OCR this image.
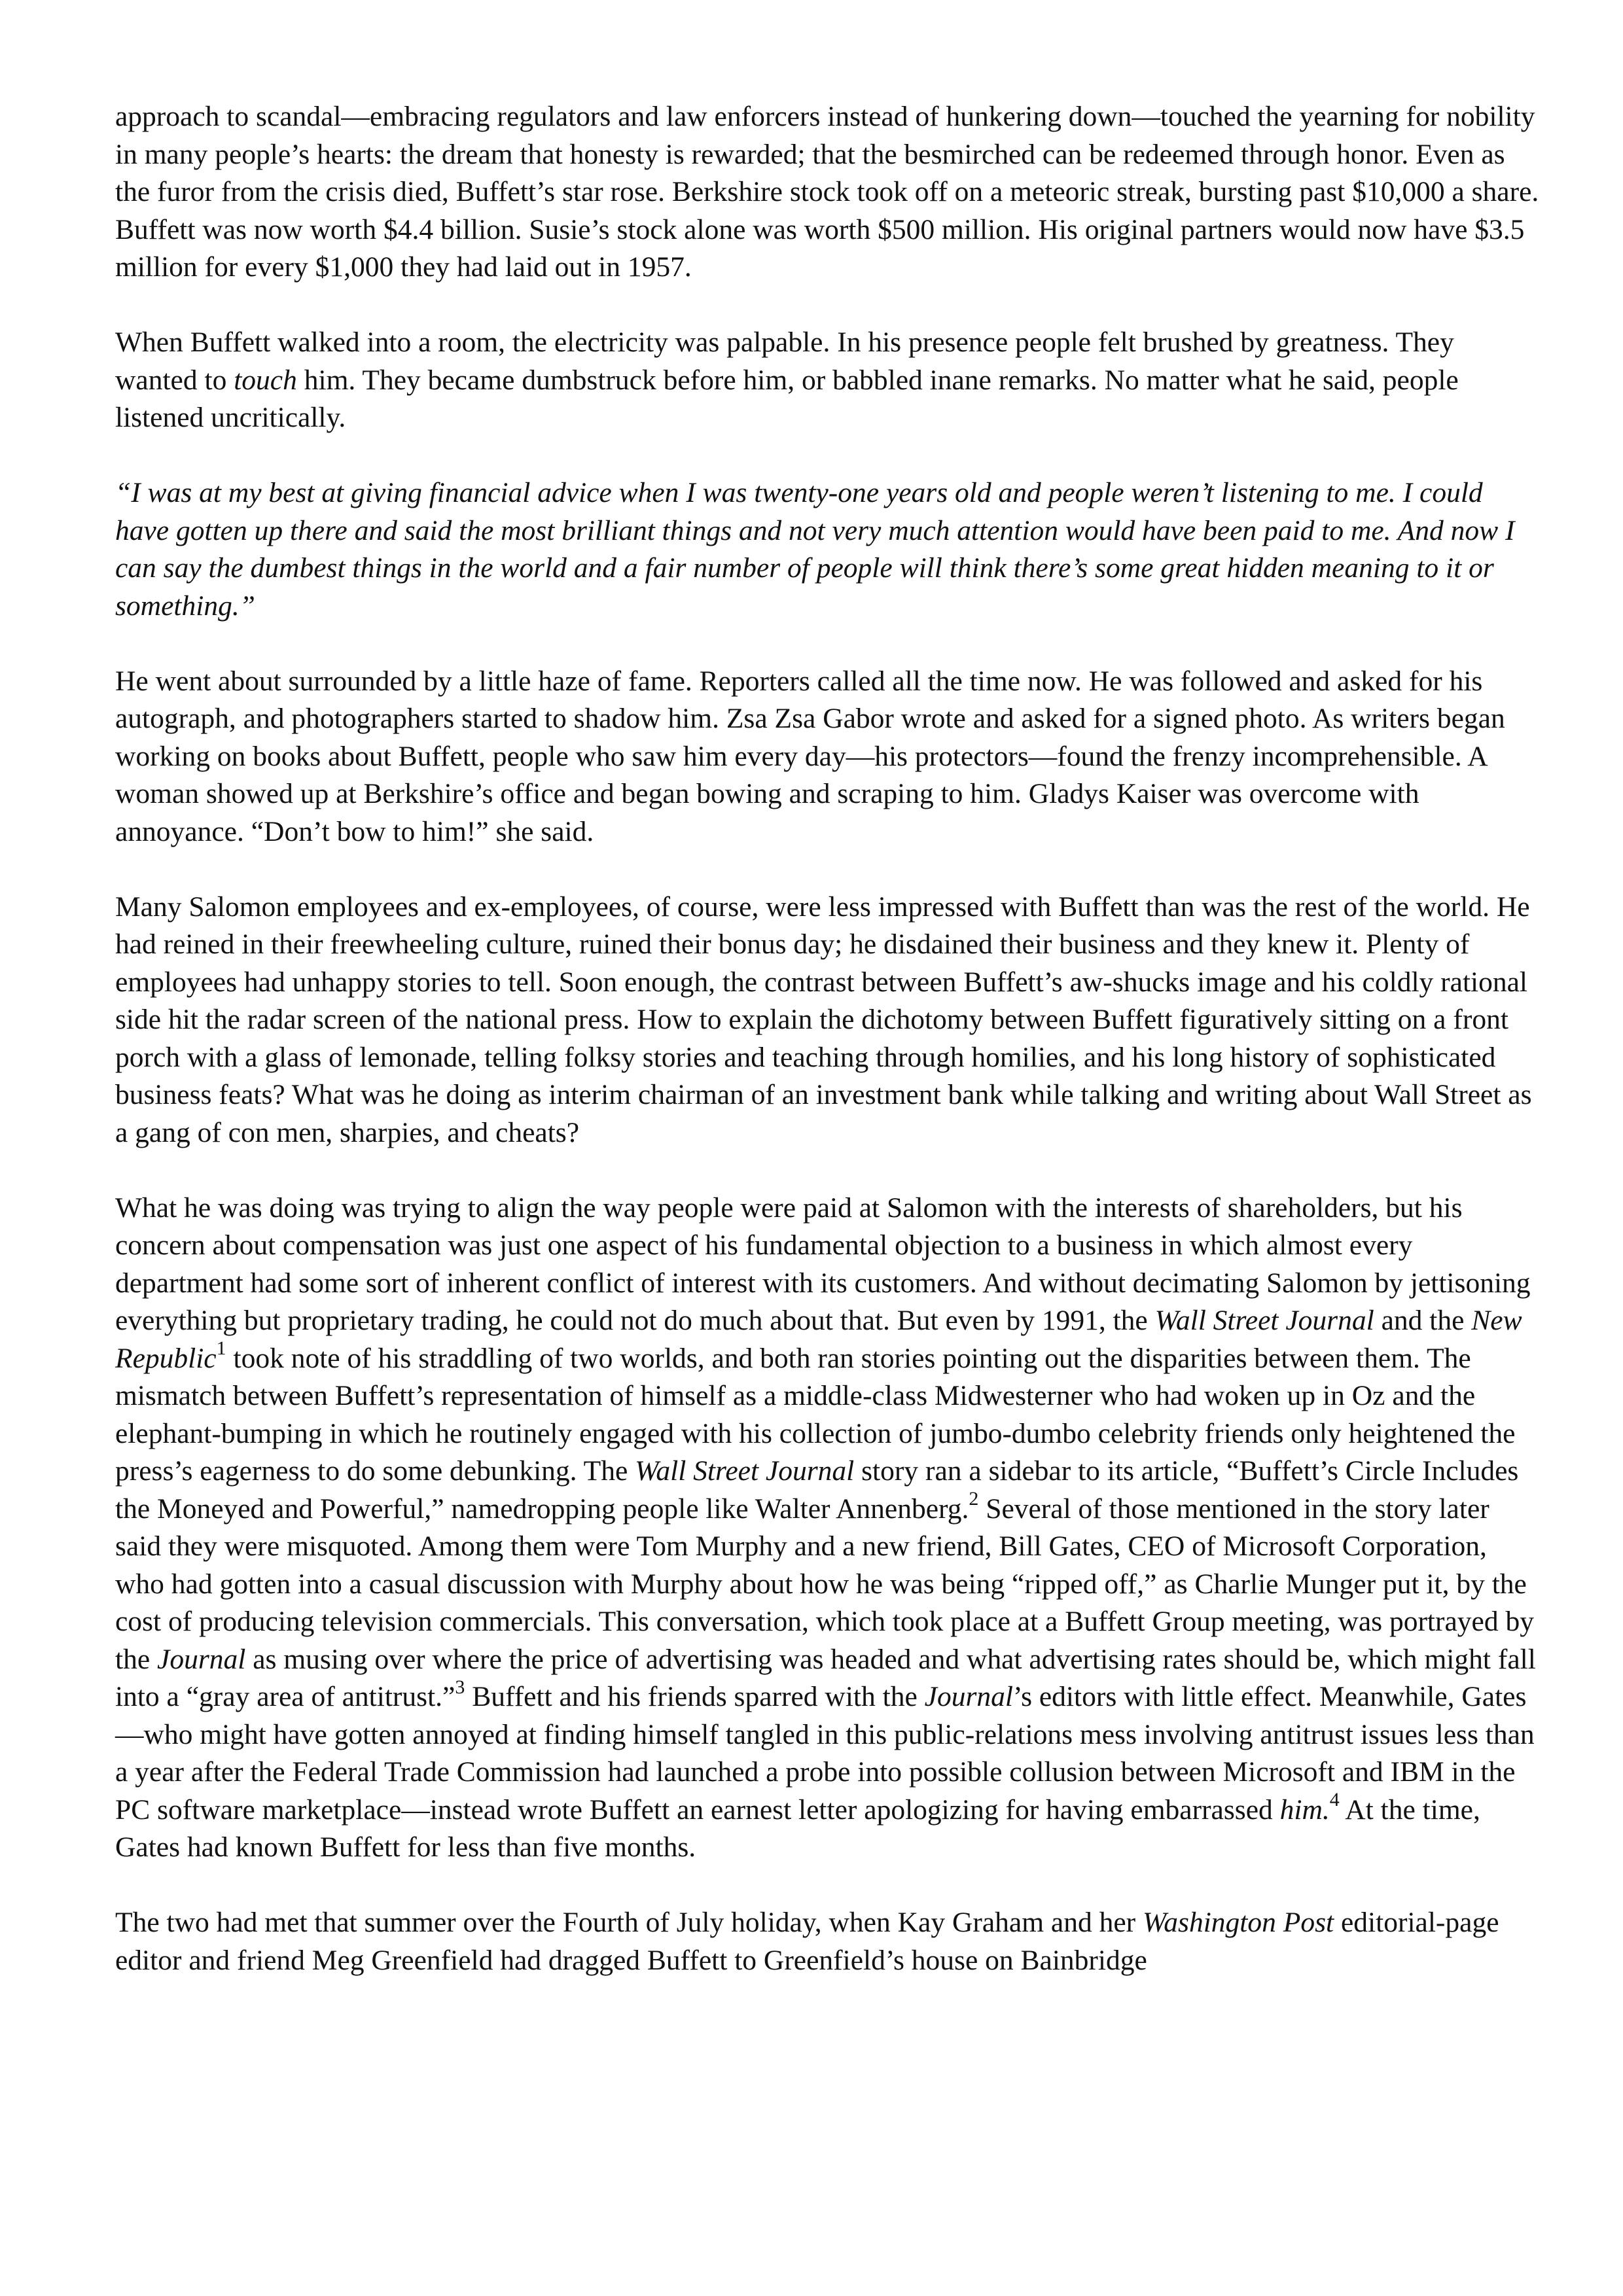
approach to scandal—embracing regulators and law enforcers instead of hunkering down—touched the yearning for nobility in many people’s hearts: the dream that honesty is rewarded; that the besmirched can be redeemed through honor. Even as the furor from the crisis died, Buffett’s star rose. Berkshire stock took off on a meteoric streak, bursting past $10,000 a share. Buffett was now worth $4.4 billion. Susie’s stock alone was worth $500 million. His original partners would now have $3.5 million for every $1,000 they had laid out in 1957.

When Buffett walked into a room, the electricity was palpable. In his presence people felt brushed by greatness. They wanted to touch him. They became dumbstruck before him, or babbled inane remarks. No matter what he said, people listened uncritically.

“I was at my best at giving financial advice when I was twenty-one years old and people weren’t listening to me. I could have gotten up there and said the most brilliant things and not very much attention would have been paid to me. And now I can say the dumbest things in the world and a fair number of people will think there’s some great hidden meaning to it or something.”

He went about surrounded by a little haze of fame. Reporters called all the time now. He was followed and asked for his autograph, and photographers started to shadow him. Zsa Zsa Gabor wrote and asked for a signed photo. As writers began working on books about Buffett, people who saw him every day—his protectors—found the frenzy incomprehensible. A woman showed up at Berkshire’s office and began bowing and scraping to him. Gladys Kaiser was overcome with annoyance. “Don’t bow to him!” she said.

Many Salomon employees and ex-employees, of course, were less impressed with Buffett than was the rest of the world. He had reined in their freewheeling culture, ruined their bonus day; he disdained their business and they knew it. Plenty of employees had unhappy stories to tell. Soon enough, the contrast between Buffett’s aw-shucks image and his coldly rational side hit the radar screen of the national press. How to explain the dichotomy between Buffett figuratively sitting on a front porch with a glass of lemonade, telling folksy stories and teaching through homilies, and his long history of sophisticated business feats? What was he doing as interim chairman of an investment bank while talking and writing about Wall Street as a gang of con men, sharpies, and cheats?

What he was doing was trying to align the way people were paid at Salomon with the interests of shareholders, but his concern about compensation was just one aspect of his fundamental objection to a business in which almost every department had some sort of inherent conflict of interest with its customers. And without decimating Salomon by jettisoning everything but proprietary trading, he could not do much about that. But even by 1991, the Wall Street Journal and the New Republic$^1$ took note of his straddling of two worlds, and both ran stories pointing out the disparities between them. The mismatch between Buffett’s representation of himself as a middle-class Midwesterner who had woken up in Oz and the elephant-bumping in which he routinely engaged with his collection of jumbo-dumbo celebrity friends only heightened the press’s eagerness to do some debunking. The Wall Street Journal story ran a sidebar to its article, “Buffett’s Circle Includes the Moneyed and Powerful,” namedropping people like Walter Annenberg.$^2$ Several of those mentioned in the story later said they were misquoted. Among them were Tom Murphy and a new friend, Bill Gates, CEO of Microsoft Corporation, who had gotten into a casual discussion with Murphy about how he was being “ripped off,” as Charlie Munger put it, by the cost of producing television commercials. This conversation, which took place at a Buffett Group meeting, was portrayed by the Journal as musing over where the price of advertising was headed and what advertising rates should be, which might fall into a “gray area of antitrust.”$^3$ Buffett and his friends sparred with the Journal’s editors with little effect. Meanwhile, Gates—who might have gotten annoyed at finding himself tangled in this public-relations mess involving antitrust issues less than a year after the Federal Trade Commission had launched a probe into possible collusion between Microsoft and IBM in the PC software marketplace—instead wrote Buffett an earnest letter apologizing for having embarrassed him.$^4$ At the time, Gates had known Buffett for less than five months.

The two had met that summer over the Fourth of July holiday, when Kay Graham and her Washington Post editorial-page editor and friend Meg Greenfield had dragged Buffett to Greenfield’s house on Bainbridge
